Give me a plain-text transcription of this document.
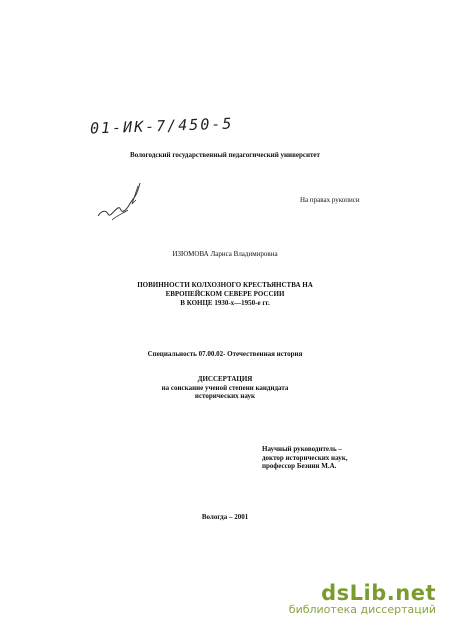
01-ИК-7/450-5
Вологодский государственный педагогический университет
На правах рукописи
ИЗЮМОВА Лариса Владимировна
ПОВИННОСТИ КОЛХОЗНОГО КРЕСТЬЯНСТВА НА
ЕВРОПЕЙСКОМ СЕВЕРЕ РОССИИ
В КОНЦЕ 1930-х—1950-е гг.
Специальность 07.00.02- Отечественная история
ДИССЕРТАЦИЯ
на соискание ученой степени кандидата
исторических наук
Научный руководитель –
доктор исторических наук,
профессор Безнин М.А.
Вологда – 2001
dsLib.net
библиотека диссертаций
